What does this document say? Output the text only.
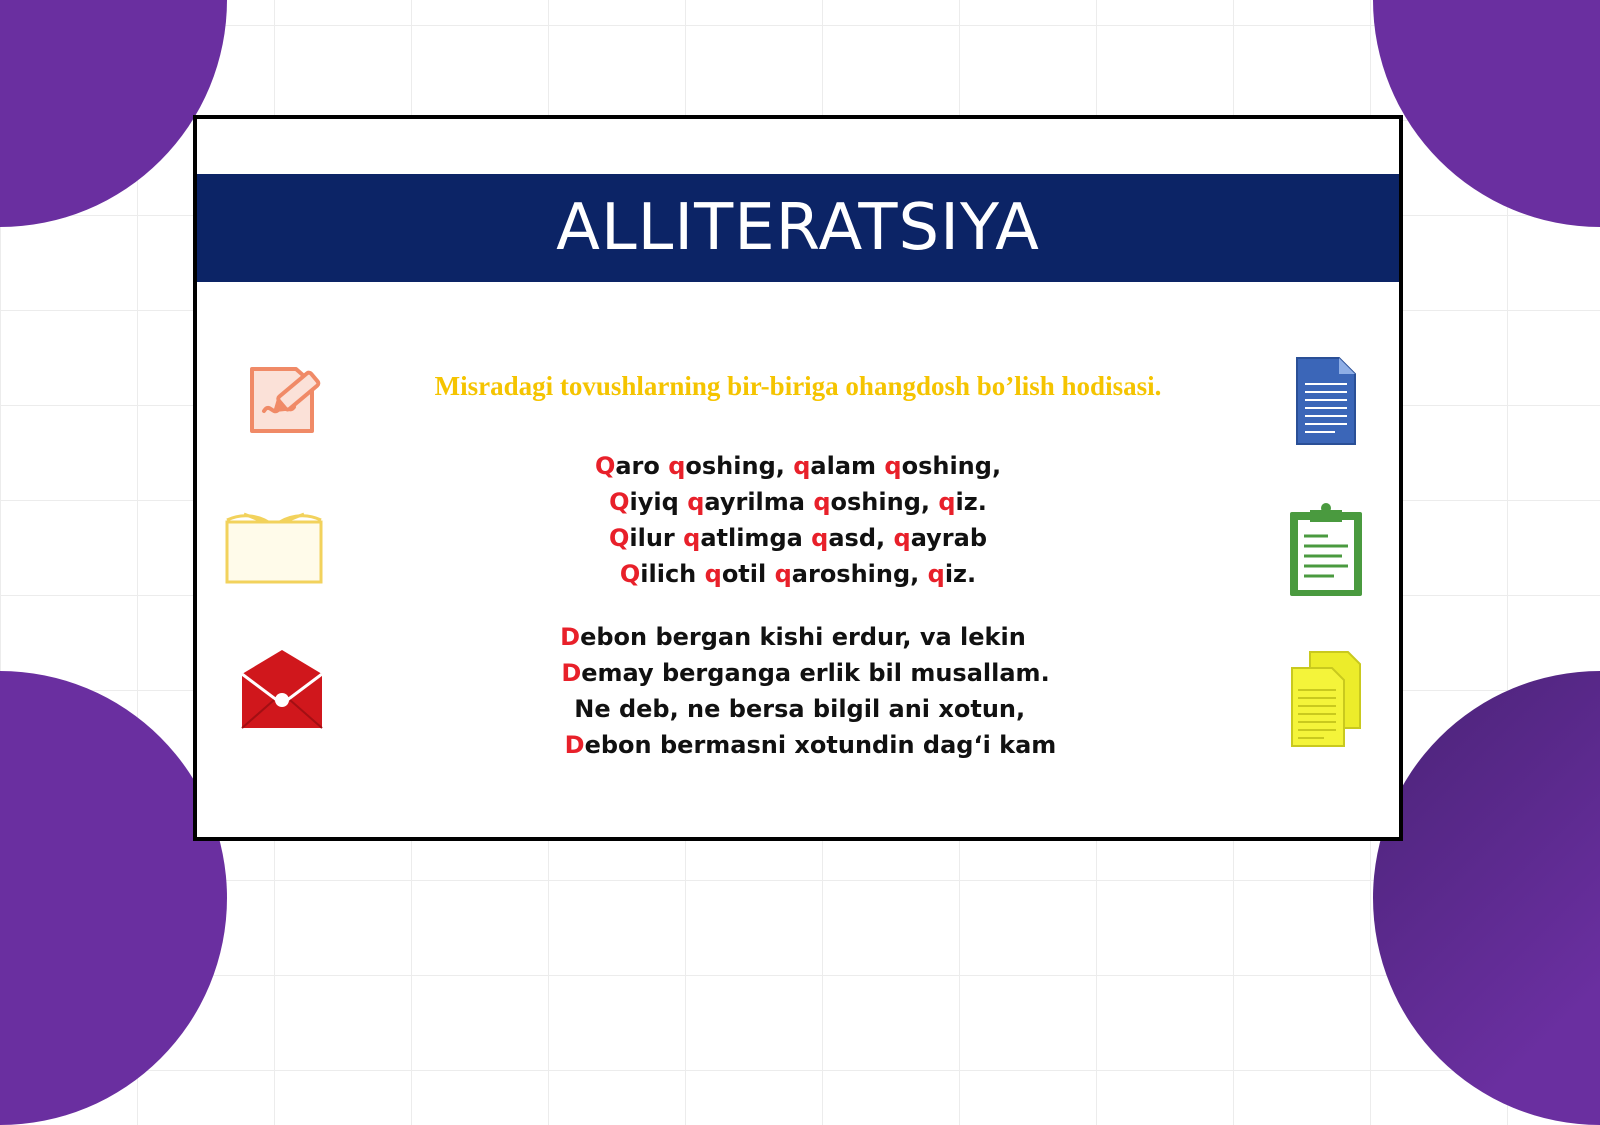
ALLITERATSIYA
Misradagi tovushlarning bir-biriga ohangdosh bo’lish hodisasi.
Qaro qoshing, qalam qoshing,
Qiyiq qayrilma qoshing, qiz.
Qilur qatlimga qasd, qayrab
Qilich qotil qaroshing, qiz.
Debon bergan kishi erdur, va lekin
Demay berganga erlik bil musallam.
Ne deb, ne bersa bilgil ani xotun,
Debon bermasni xotundin dag‘i kam
